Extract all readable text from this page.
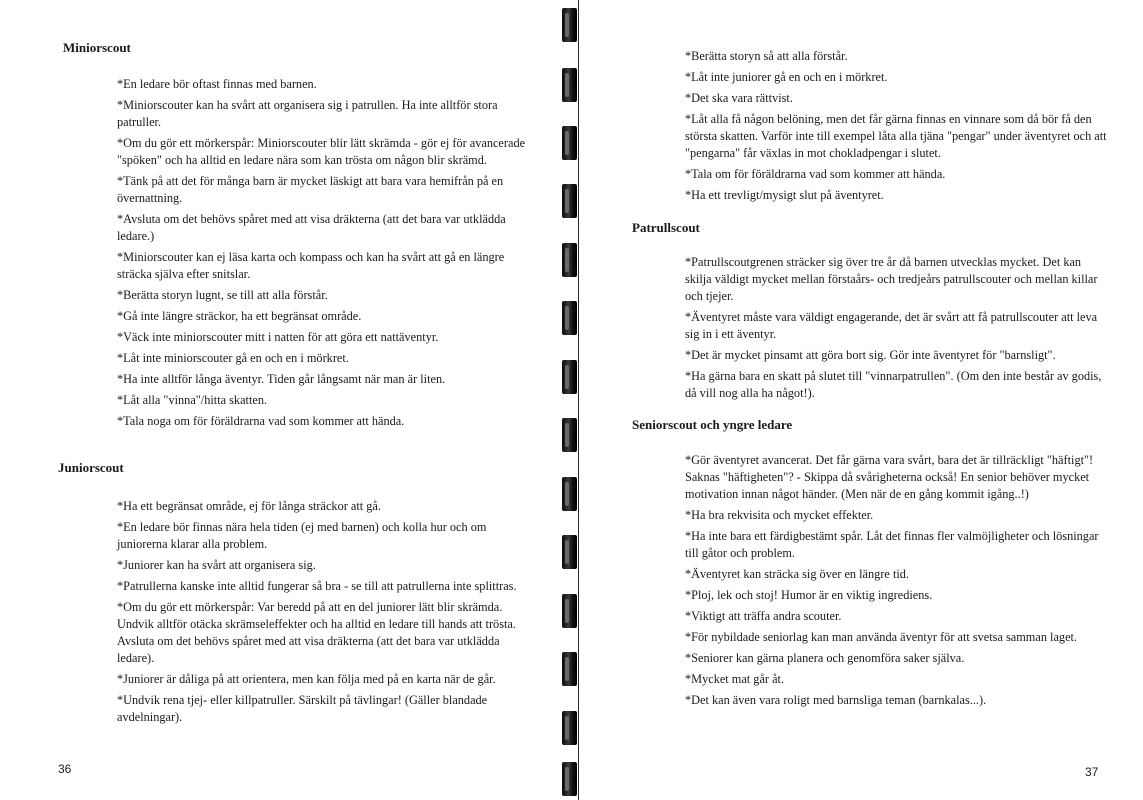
Miniorscout
*En ledare bör oftast finnas med barnen.
*Miniorscouter kan ha svårt att organisera sig i patrullen. Ha inte alltför stora patruller.
*Om du gör ett mörkerspår: Miniorscouter blir lätt skrämda - gör ej för avancerade "spöken" och ha alltid en ledare nära som kan trösta om någon blir skrämd.
*Tänk på att det för många barn är mycket läskigt att bara vara hemifrån på en övernattning.
*Avsluta om det behövs spåret med att visa dräkterna (att det bara var utklädda ledare.)
*Miniorscouter kan ej läsa karta och kompass och kan ha svårt att gå en längre sträcka själva efter snitslar.
*Berätta storyn lugnt, se till att alla förstår.
*Gå inte längre sträckor, ha ett begränsat område.
*Väck inte miniorscouter mitt i natten för att göra ett nattäventyr.
*Låt inte miniorscouter gå en och en i mörkret.
*Ha inte alltför långa äventyr. Tiden går långsamt när man är liten.
*Låt alla "vinna"/hitta skatten.
*Tala noga om för föräldrarna vad som kommer att hända.
Juniorscout
*Ha ett begränsat område, ej för långa sträckor att gå.
*En ledare bör finnas nära hela tiden (ej med barnen) och kolla hur och om juniorerna klarar alla problem.
*Juniorer kan ha svårt att organisera sig.
*Patrullerna kanske inte alltid fungerar så bra - se till att patrullerna inte splittras.
*Om du gör ett mörkerspår: Var beredd på att en del juniorer lätt blir skrämda. Undvik alltför otäcka skrämseleffekter och ha alltid en ledare till hands att trösta. Avsluta om det behövs spåret med att visa dräkterna (att det bara var utklädda ledare).
*Juniorer är dåliga på att orientera, men kan följa med på en karta när de går.
*Undvik rena tjej- eller killpatruller. Särskilt på tävlingar! (Gäller blandade avdelningar).
36
*Berätta storyn så att alla förstår.
*Låt inte juniorer gå en och en i mörkret.
*Det ska vara rättvist.
*Låt alla få någon belöning, men det får gärna finnas en vinnare som då bör få den största skatten. Varför inte till exempel låta alla tjäna "pengar" under äventyret och att "pengarna" får växlas in mot chokladpengar i slutet.
*Tala om för föräldrarna vad som kommer att hända.
*Ha ett trevligt/mysigt slut på äventyret.
Patrullscout
*Patrullscoutgrenen sträcker sig över tre år då barnen utvecklas mycket. Det kan skilja väldigt mycket mellan förstaårs- och tredjeårs patrullscouter och mellan killar och tjejer.
*Äventyret måste vara väldigt engagerande, det är svårt att få patrullscouter att leva sig in i ett äventyr.
*Det är mycket pinsamt att göra bort sig. Gör inte äventyret för "barnsligt".
*Ha gärna bara en skatt på slutet till "vinnarpatrullen". (Om den inte består av godis, då vill nog alla ha något!).
Seniorscout och yngre ledare
*Gör äventyret avancerat. Det får gärna vara svårt, bara det är tillräckligt "häftigt"! Saknas "häftigheten"? - Skippa då svårigheterna också! En senior behöver mycket motivation innan något händer. (Men när de en gång kommit igång..!)
*Ha bra rekvisita och mycket effekter.
*Ha inte bara ett färdigbestämt spår. Låt det finnas fler valmöjligheter och lösningar till gåtor och problem.
*Äventyret kan sträcka sig över en längre tid.
*Ploj, lek och stoj! Humor är en viktig ingrediens.
*Viktigt att träffa andra scouter.
*För nybildade seniorlag kan man använda äventyr för att svetsa samman laget.
*Seniorer kan gärna planera och genomföra saker själva.
*Mycket mat går åt.
*Det kan även vara roligt med barnsliga teman (barnkalas...).
37
